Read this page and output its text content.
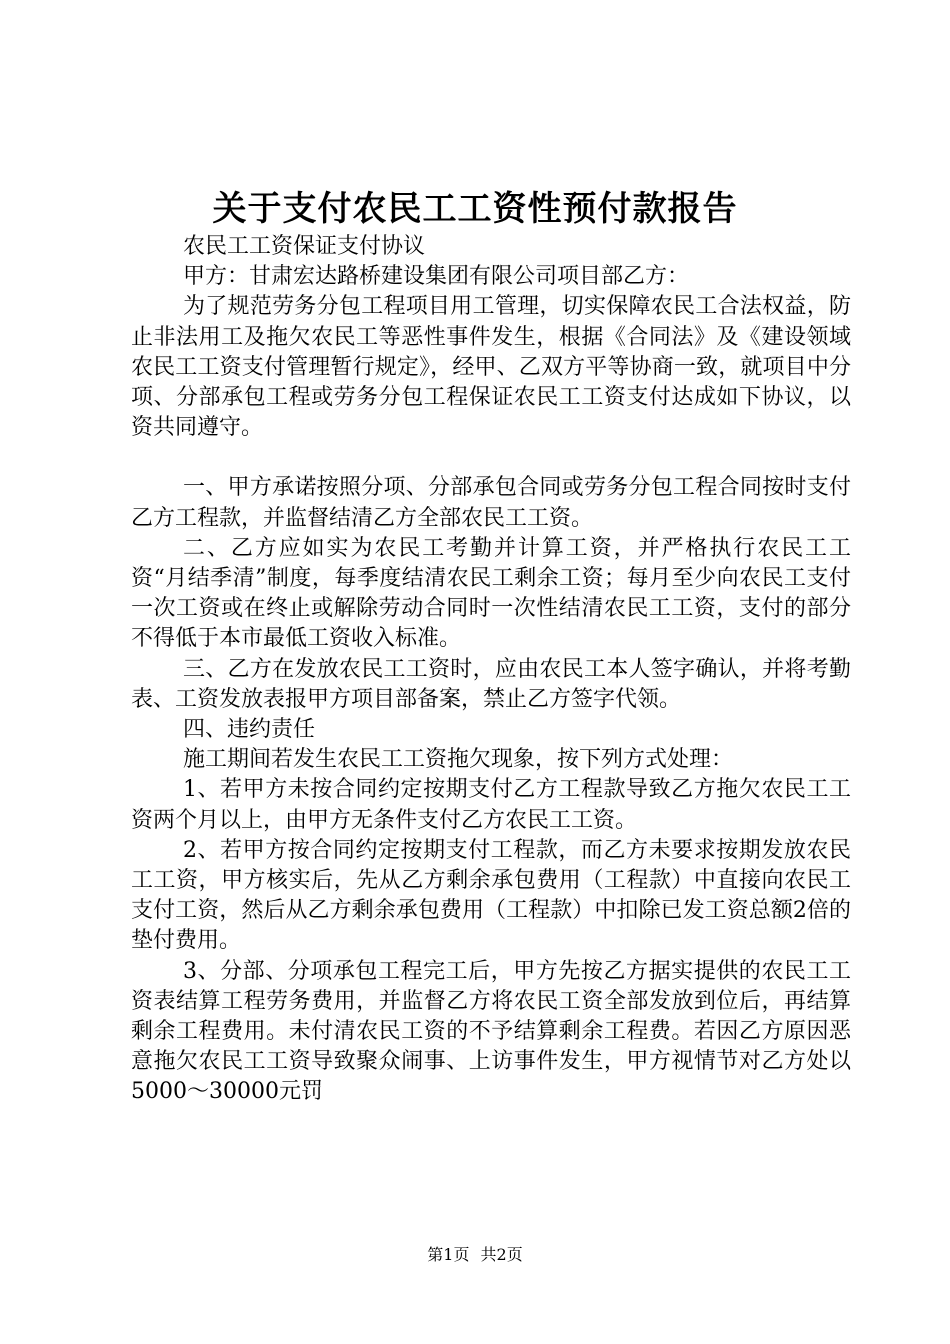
关于支付农民工工资性预付款报告

农民工工资保证支付协议

甲方：甘肃宏达路桥建设集团有限公司项目部乙方：

为了规范劳务分包工程项目用工管理，切实保障农民工合法权益，防止非法用工及拖欠农民工等恶性事件发生，根据《合同法》及《建设领域农民工工资支付管理暂行规定》，经甲、乙双方平等协商一致，就项目中分项、分部承包工程或劳务分包工程保证农民工工资支付达成如下协议，以资共同遵守。

一、甲方承诺按照分项、分部承包合同或劳务分包工程合同按时支付乙方工程款，并监督结清乙方全部农民工工资。

二、乙方应如实为农民工考勤并计算工资，并严格执行农民工工资“月结季清”制度，每季度结清农民工剩余工资；每月至少向农民工支付一次工资或在终止或解除劳动合同时一次性结清农民工工资，支付的部分不得低于本市最低工资收入标准。

三、乙方在发放农民工工资时，应由农民工本人签字确认，并将考勤表、工资发放表报甲方项目部备案，禁止乙方签字代领。

四、违约责任

施工期间若发生农民工工资拖欠现象，按下列方式处理：

1、若甲方未按合同约定按期支付乙方工程款导致乙方拖欠农民工工资两个月以上，由甲方无条件支付乙方农民工工资。

2、若甲方按合同约定按期支付工程款，而乙方未要求按期发放农民工工资，甲方核实后，先从乙方剩余承包费用（工程款）中直接向农民工支付工资，然后从乙方剩余承包费用（工程款）中扣除已发工资总额2倍的垫付费用。

3、分部、分项承包工程完工后，甲方先按乙方据实提供的农民工工资表结算工程劳务费用，并监督乙方将农民工资全部发放到位后，再结算剩余工程费用。未付清农民工资的不予结算剩余工程费。若因乙方原因恶意拖欠农民工工资导致聚众闹事、上访事件发生，甲方视情节对乙方处以5000～30000元罚

第1页 共2页
